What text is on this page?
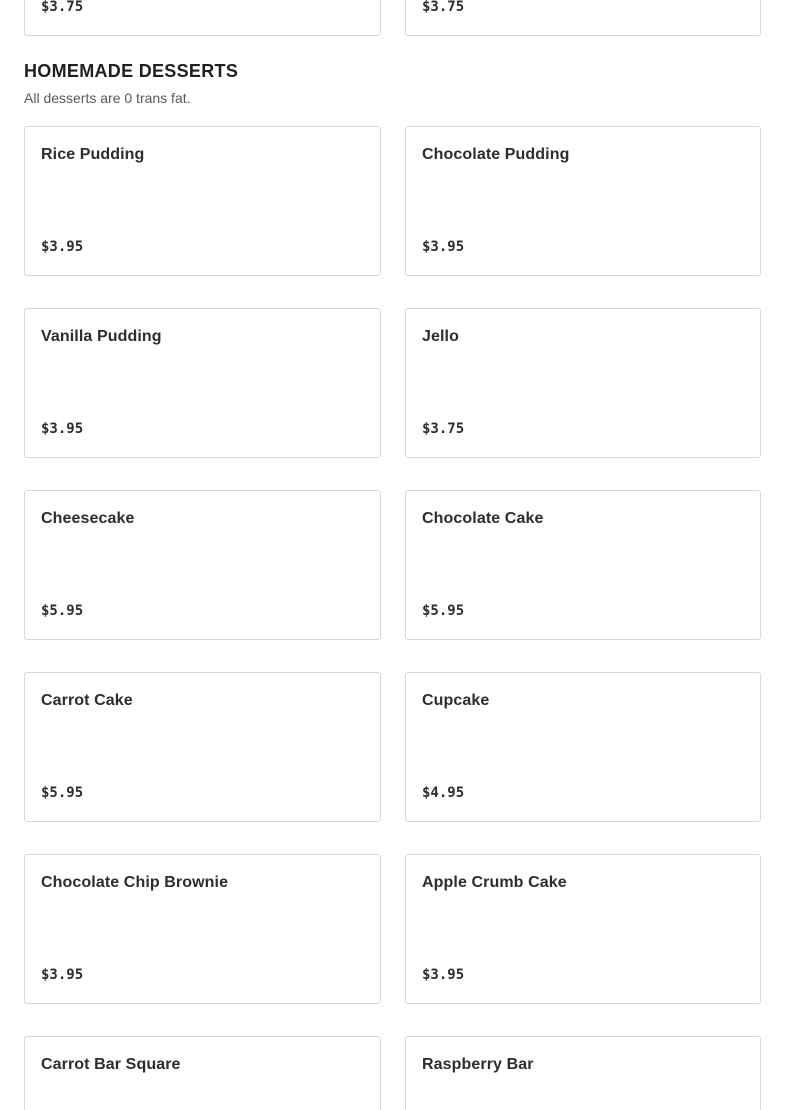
$3.75	$3.75
HOMEMADE DESSERTS

All desserts are 0 trans fat.

Rice Pudding
$3.95
Chocolate Pudding
$3.95
Vanilla Pudding
$3.95
Jello
$3.75
Cheesecake
$5.95
Chocolate Cake
$5.95
Carrot Cake
$5.95
Cupcake
$4.95
Chocolate Chip Brownie
$3.95
Apple Crumb Cake
$3.95
Carrot Bar Square	Raspberry Bar
